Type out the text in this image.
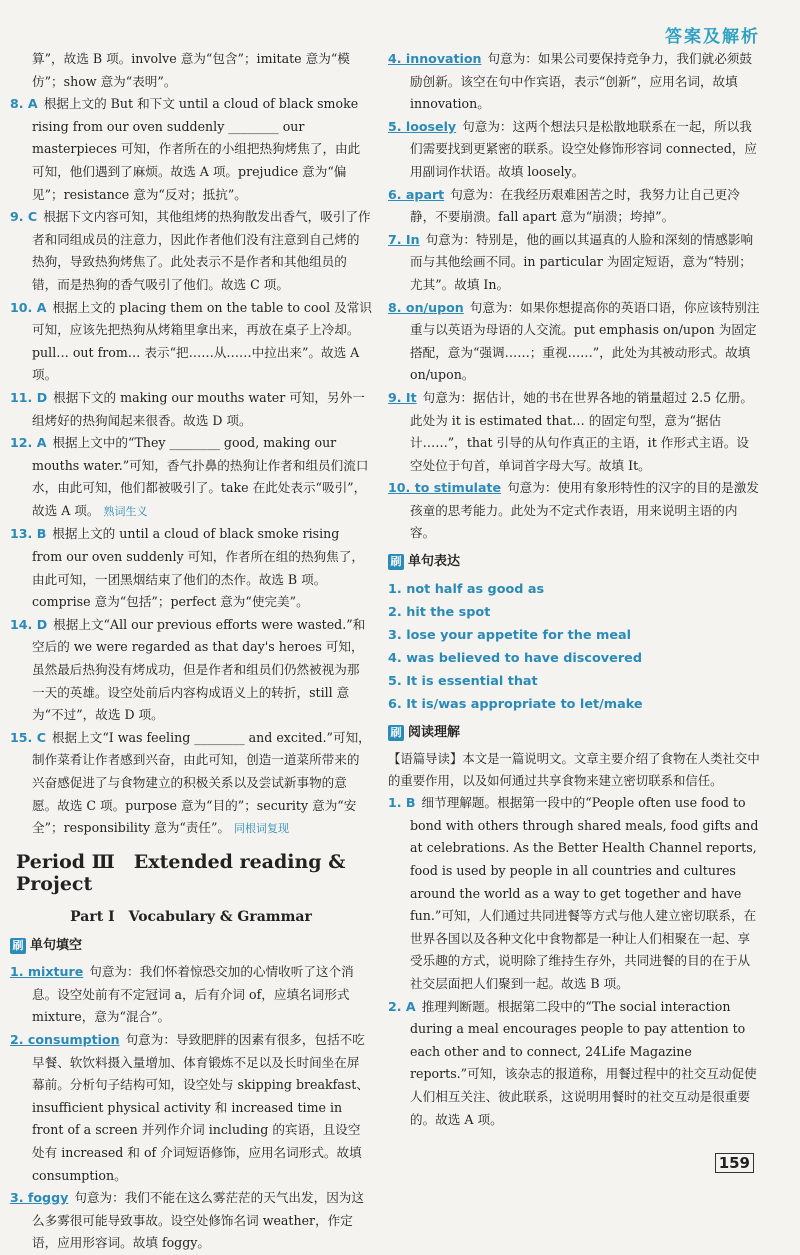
答案及解析
算”，故选 B 项。involve 意为“包含”；imitate 意为“模仿”；show 意为“表明”。
8. A 根据上文的 But 和下文 until a cloud of black smoke rising from our oven suddenly ________ our masterpieces 可知，作者所在的小组把热狗烤焦了，由此可知，他们遇到了麻烦。故选 A 项。prejudice 意为“偏见”；resistance 意为“反对；抵抗”。
9. C 根据下文内容可知，其他组烤的热狗散发出香气，吸引了作者和同组成员的注意力，因此作者他们没有注意到自己烤的热狗，导致热狗烤焦了。此处表示不是作者和其他组员的错，而是热狗的香气吸引了他们。故选 C 项。
10. A 根据上文的 placing them on the table to cool 及常识可知，应该先把热狗从烤箱里拿出来，再放在桌子上冷却。pull… out from… 表示“把……从……中拉出来”。故选 A 项。
11. D 根据下文的 making our mouths water 可知，另外一组烤好的热狗闻起来很香。故选 D 项。
12. A 根据上文中的“They ________ good, making our mouths water.”可知，香气扑鼻的热狗让作者和组员们流口水，由此可知，他们都被吸引了。take 在此处表示“吸引”，故选 A 项。 熟词生义
13. B 根据上文的 until a cloud of black smoke rising from our oven suddenly 可知，作者所在组的热狗焦了，由此可知，一团黑烟结束了他们的杰作。故选 B 项。comprise 意为“包括”；perfect 意为“使完美”。
14. D 根据上文“All our previous efforts were wasted.”和空后的 we were regarded as that day's heroes 可知，虽然最后热狗没有烤成功，但是作者和组员们仍然被视为那一天的英雄。设空处前后内容构成语义上的转折，still 意为“不过”，故选 D 项。
15. C 根据上文“I was feeling ________ and excited.”可知，制作菜肴让作者感到兴奋，由此可知，创造一道菜所带来的兴奋感促进了与食物建立的积极关系以及尝试新事物的意愿。故选 C 项。purpose 意为“目的”；security 意为“安全”；responsibility 意为“责任”。 同根词复现
Period Ⅲ　Extended reading & Project
Part Ⅰ　Vocabulary & Grammar
刷 单句填空
1. mixture 句意为：我们怀着惊恐交加的心情收听了这个消息。设空处前有不定冠词 a，后有介词 of，应填名词形式 mixture，意为“混合”。
2. consumption 句意为：导致肥胖的因素有很多，包括不吃早餐、软饮料摄入量增加、体育锻炼不足以及长时间坐在屏幕前。分析句子结构可知，设空处与 skipping breakfast、insufficient physical activity 和 increased time in front of a screen 并列作介词 including 的宾语，且设空处有 increased 和 of 介词短语修饰，应用名词形式。故填 consumption。
3. foggy 句意为：我们不能在这么雾茫茫的天气出发，因为这么多雾很可能导致事故。设空处修饰名词 weather，作定语，应用形容词。故填 foggy。
4. innovation 句意为：如果公司要保持竞争力，我们就必须鼓励创新。该空在句中作宾语，表示“创新”，应用名词，故填 innovation。
5. loosely 句意为：这两个想法只是松散地联系在一起，所以我们需要找到更紧密的联系。设空处修饰形容词 connected，应用副词作状语。故填 loosely。
6. apart 句意为：在我经历艰难困苦之时，我努力让自己更冷静，不要崩溃。fall apart 意为“崩溃；垮掉”。
7. In 句意为：特别是，他的画以其逼真的人脸和深刻的情感影响而与其他绘画不同。in particular 为固定短语，意为“特别；尤其”。故填 In。
8. on/upon 句意为：如果你想提高你的英语口语，你应该特别注重与以英语为母语的人交流。put emphasis on/upon 为固定搭配，意为“强调……；重视……”，此处为其被动形式。故填 on/upon。
9. It 句意为：据估计，她的书在世界各地的销量超过 2.5 亿册。此处为 it is estimated that… 的固定句型，意为“据估计……”，that 引导的从句作真正的主语，it 作形式主语。设空处位于句首，单词首字母大写。故填 It。
10. to stimulate 句意为：使用有象形特性的汉字的目的是激发孩童的思考能力。此处为不定式作表语，用来说明主语的内容。
刷 单句表达
1. not half as good as
2. hit the spot
3. lose your appetite for the meal
4. was believed to have discovered
5. It is essential that
6. It is/was appropriate to let/make
刷 阅读理解
【语篇导读】本文是一篇说明文。文章主要介绍了食物在人类社交中的重要作用，以及如何通过共享食物来建立密切联系和信任。
1. B 细节理解题。根据第一段中的“People often use food to bond with others through shared meals, food gifts and at celebrations. As the Better Health Channel reports, food is used by people in all countries and cultures around the world as a way to get together and have fun.”可知，人们通过共同进餐等方式与他人建立密切联系，在世界各国以及各种文化中食物都是一种让人们相聚在一起、享受乐趣的方式，说明除了维持生存外，共同进餐的目的在于从社交层面把人们聚到一起。故选 B 项。
2. A 推理判断题。根据第二段中的“The social interaction during a meal encourages people to pay attention to each other and to connect, 24Life Magazine reports.”可知，该杂志的报道称，用餐过程中的社交互动促使人们相互关注、彼此联系，这说明用餐时的社交互动是很重要的。故选 A 项。
159
